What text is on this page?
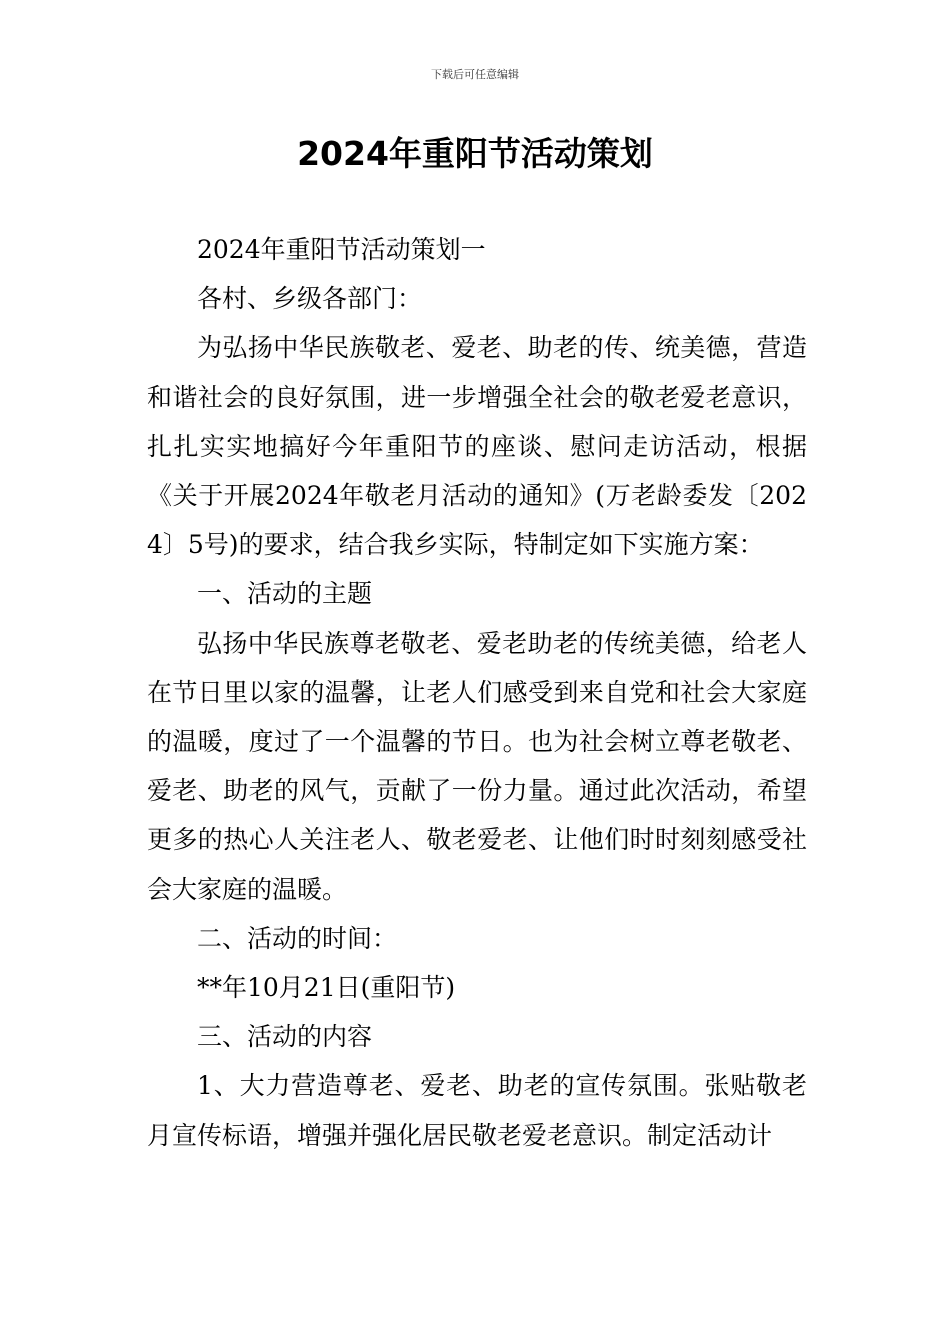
下载后可任意编辑
2024年重阳节活动策划

2024年重阳节活动策划一

各村、乡级各部门：

为弘扬中华民族敬老、爱老、助老的传、统美德，营造和谐社会的良好氛围，进一步增强全社会的敬老爱老意识，扎扎实实地搞好今年重阳节的座谈、慰问走访活动，根据《关于开展2024年敬老月活动的通知》(万老龄委发〔2024〕5号)的要求，结合我乡实际，特制定如下实施方案：

一、活动的主题

弘扬中华民族尊老敬老、爱老助老的传统美德，给老人在节日里以家的温馨，让老人们感受到来自党和社会大家庭的温暖，度过了一个温馨的节日。也为社会树立尊老敬老、爱老、助老的风气，贡献了一份力量。通过此次活动，希望更多的热心人关注老人、敬老爱老、让他们时时刻刻感受社会大家庭的温暖。

二、活动的时间：

**年10月21日(重阳节)

三、活动的内容

1、大力营造尊老、爱老、助老的宣传氛围。张贴敬老月宣传标语，增强并强化居民敬老爱老意识。制定活动计
